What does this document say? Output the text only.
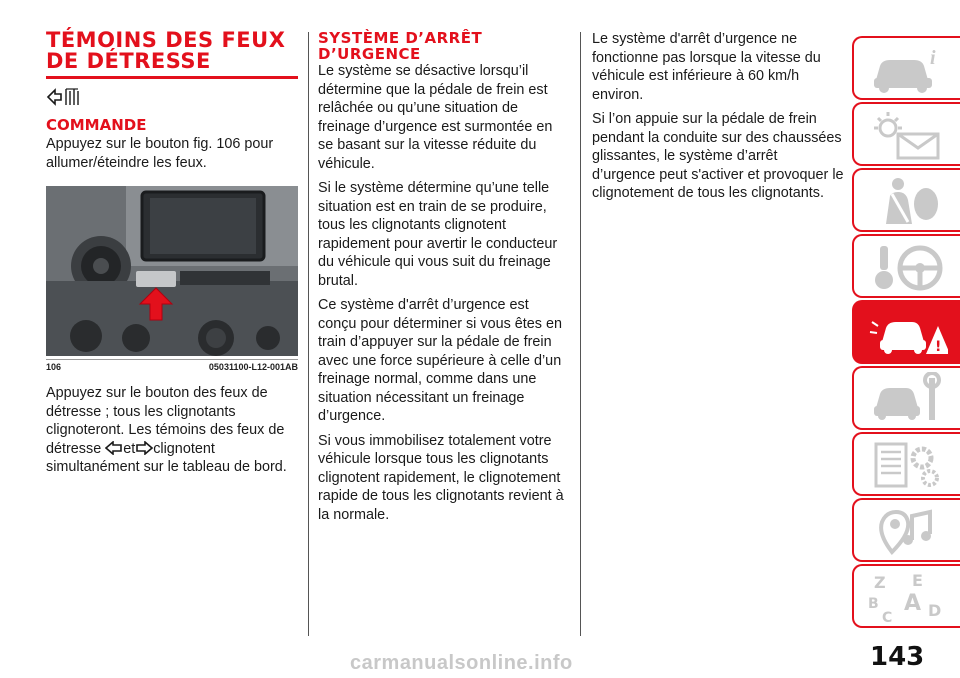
TÉMOINS DES FEUX
DE DÉTRESSE
COMMANDE

Appuyez sur le bouton fig. 106 pour allumer/éteindre les feux.

106	05031100-L12-001AB

Appuyez sur le bouton des feux de détresse ; tous les clignotants clignoteront. Les témoins des feux de détresse et clignotent simultanément sur le tableau de bord.

SYSTÈME D’ARRÊT
D’URGENCE

Le système se désactive lorsqu’il détermine que la pédale de frein est relâchée ou qu’une situation de freinage d’urgence est surmontée en se basant sur la vitesse réduite du véhicule.

Si le système détermine qu’une telle situation est en train de se produire, tous les clignotants clignotent rapidement pour avertir le conducteur du véhicule qui vous suit du freinage brutal.

Ce système d'arrêt d’urgence est conçu pour déterminer si vous êtes en train d’appuyer sur la pédale de frein avec une force supérieure à celle d’un freinage normal, comme dans une situation nécessitant un freinage d’urgence.

Si vous immobilisez totalement votre véhicule lorsque tous les clignotants clignotent rapidement, le clignotement rapide de tous les clignotants revient à la normale.

Le système d'arrêt d’urgence ne fonctionne pas lorsque la vitesse du véhicule est inférieure à 60 km/h environ.

Si l’on appuie sur la pédale de frein pendant la conduite sur des chaussées glissantes, le système d’arrêt d’urgence peut s'activer et provoquer le clignotement de tous les clignotants.

i
!
Z E
B A
C D
143
carmanualsonline.info
